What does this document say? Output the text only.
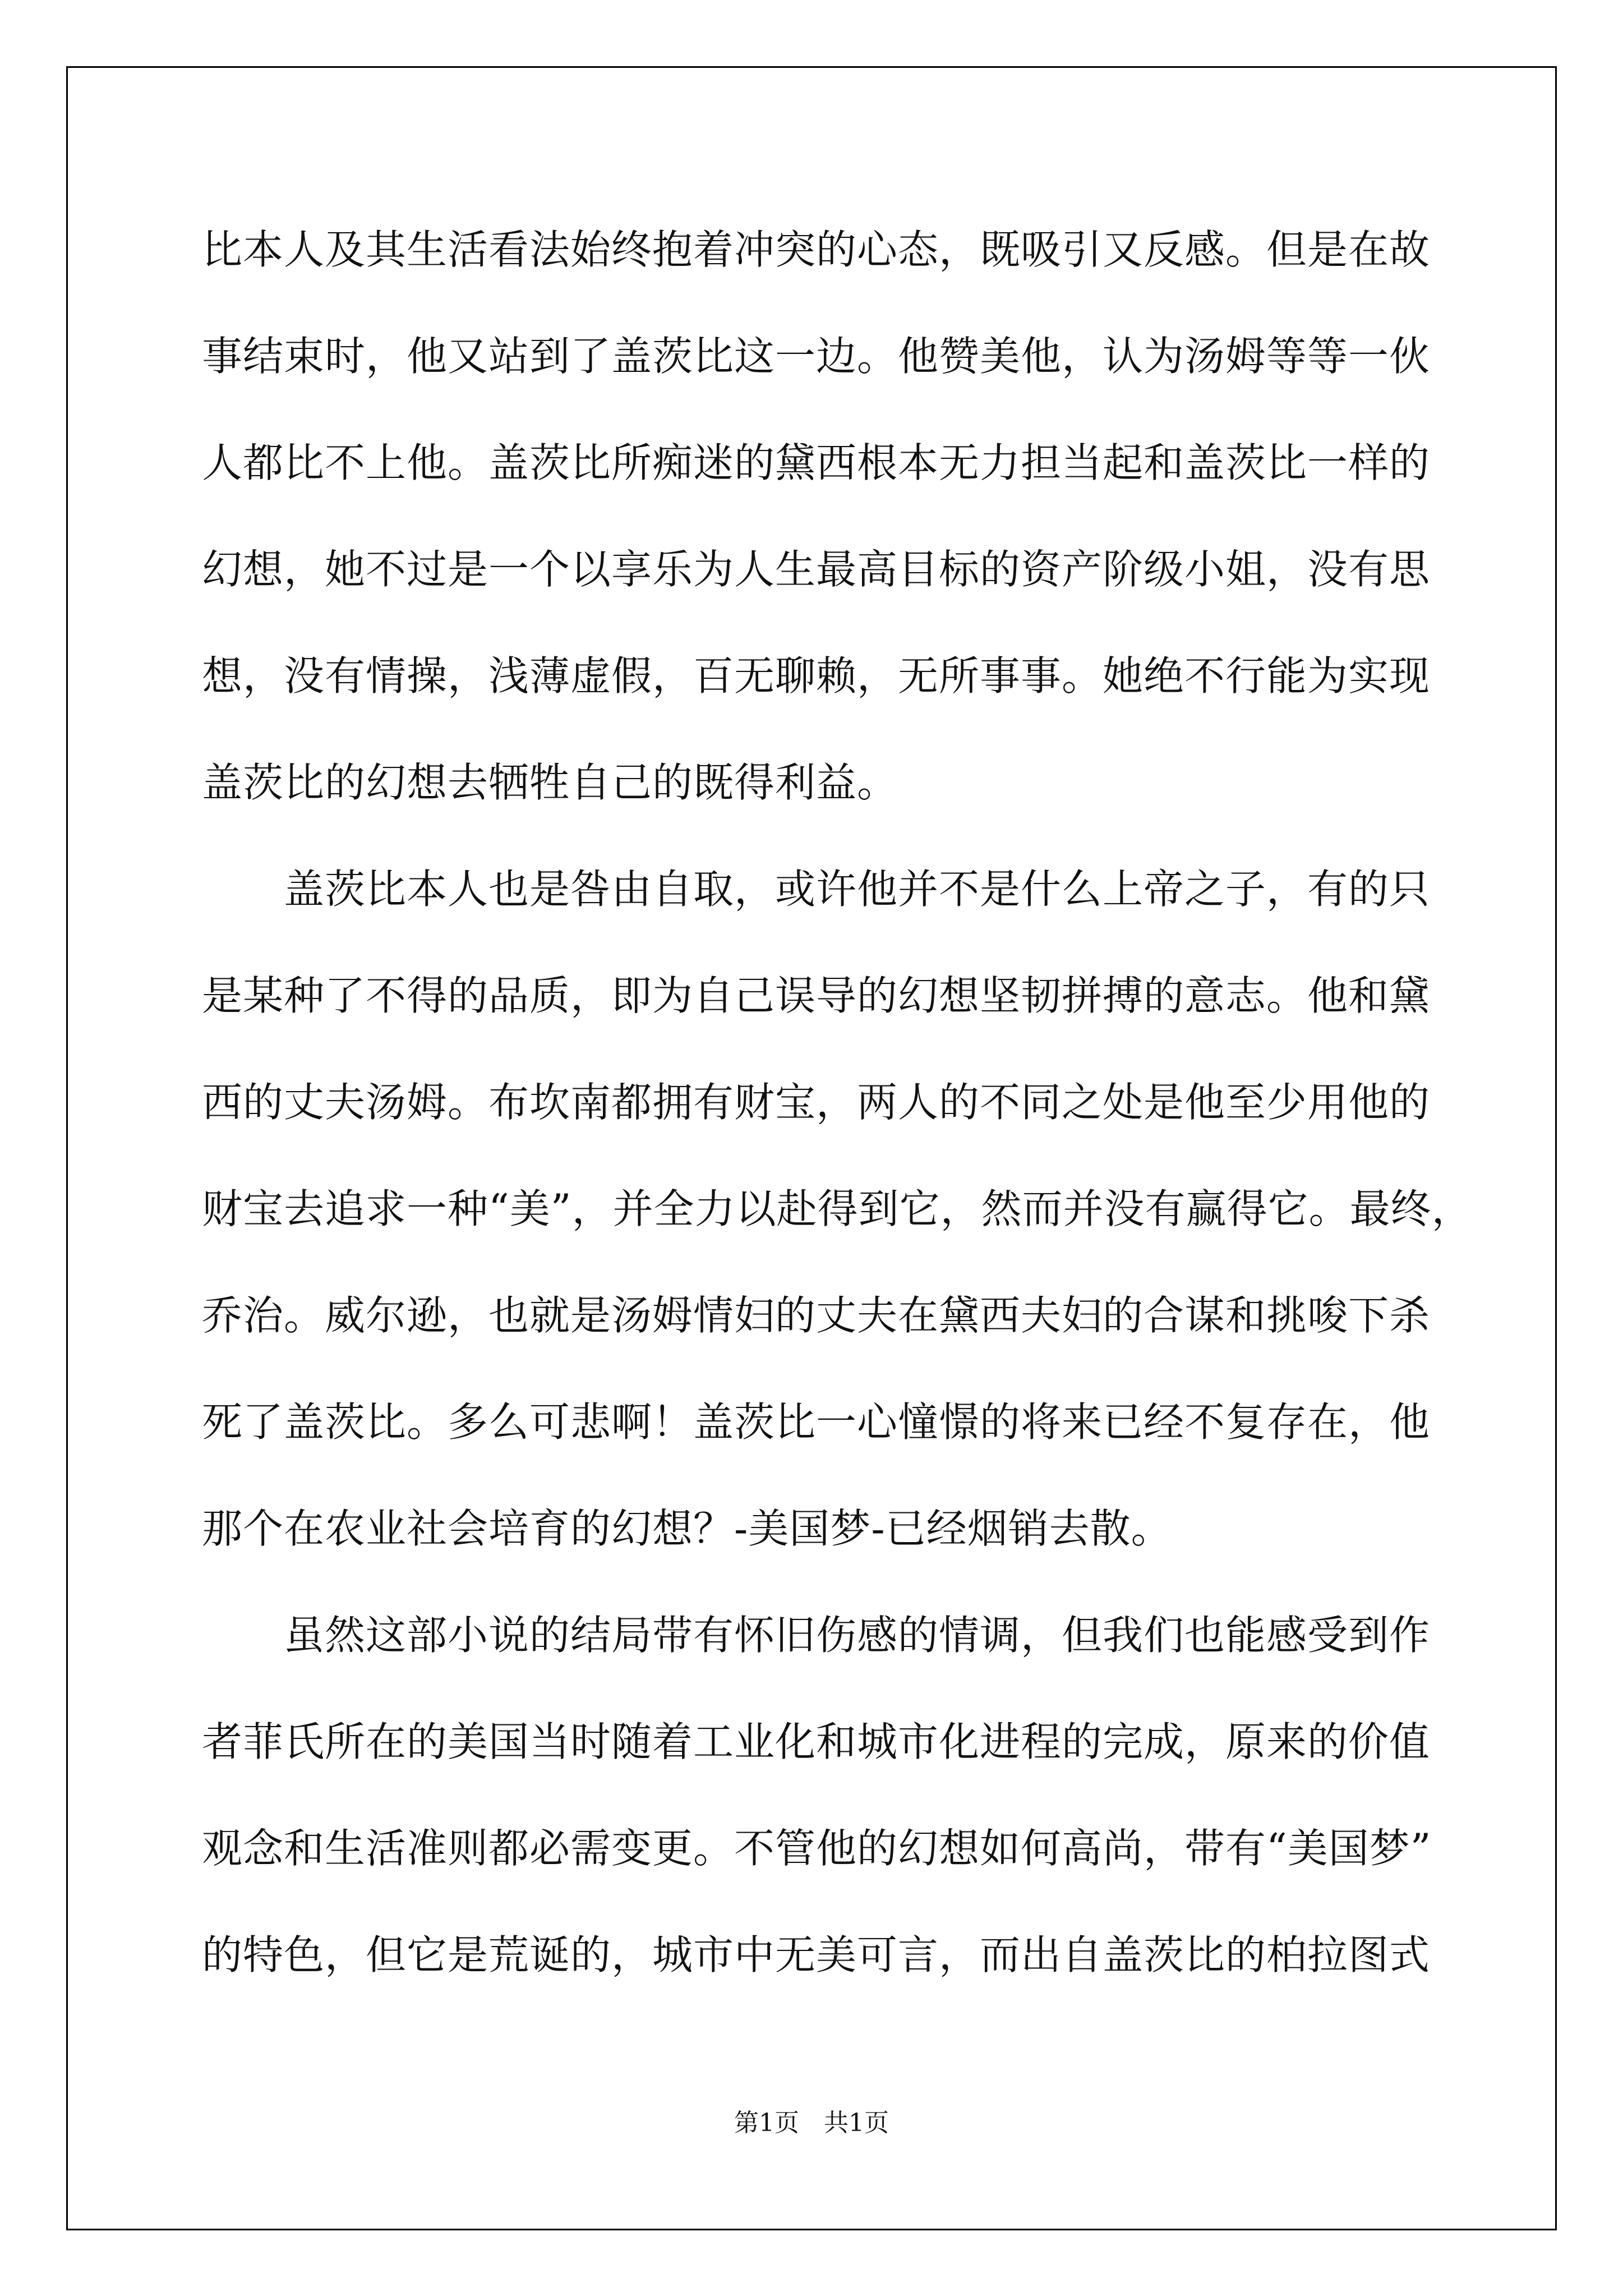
比本人及其生活看法始终抱着冲突的心态，既吸引又反感。但是在故
事结束时，他又站到了盖茨比这一边。他赞美他，认为汤姆等等一伙
人都比不上他。盖茨比所痴迷的黛西根本无力担当起和盖茨比一样的
幻想，她不过是一个以享乐为人生最高目标的资产阶级小姐，没有思
想，没有情操，浅薄虚假，百无聊赖，无所事事。她绝不行能为实现
盖茨比的幻想去牺牲自己的既得利益。
盖茨比本人也是咎由自取，或许他并不是什么上帝之子，有的只
是某种了不得的品质，即为自己误导的幻想坚韧拼搏的意志。他和黛
西的丈夫汤姆。布坎南都拥有财宝，两人的不同之处是他至少用他的
财宝去追求一种“美”，并全力以赴得到它，然而并没有赢得它。最终，
乔治。威尔逊，也就是汤姆情妇的丈夫在黛西夫妇的合谋和挑唆下杀
死了盖茨比。多么可悲啊！盖茨比一心憧憬的将来已经不复存在，他
那个在农业社会培育的幻想？-美国梦-已经烟销去散。
虽然这部小说的结局带有怀旧伤感的情调，但我们也能感受到作
者菲氏所在的美国当时随着工业化和城市化进程的完成，原来的价值
观念和生活准则都必需变更。不管他的幻想如何高尚，带有“美国梦”
的特色，但它是荒诞的，城市中无美可言，而出自盖茨比的柏拉图式
第1页　共1页
